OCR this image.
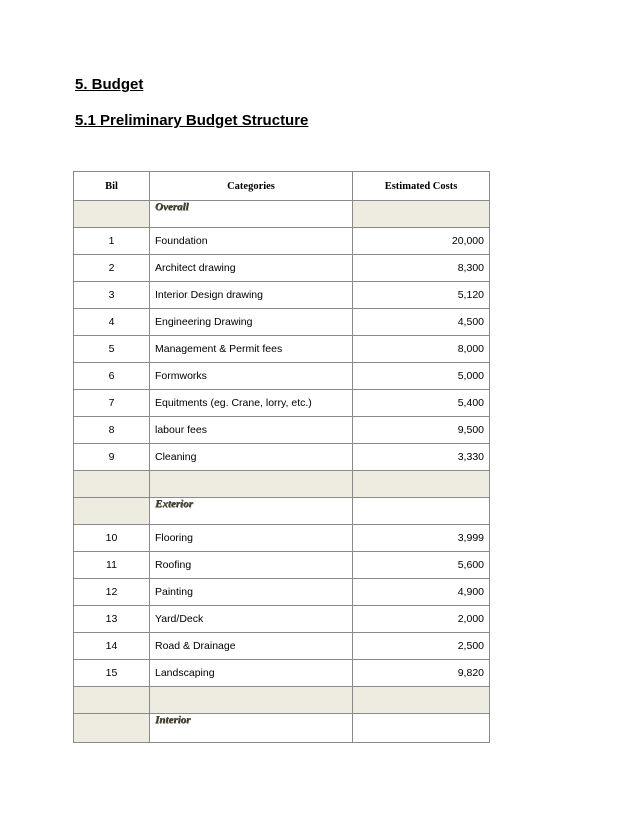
5. Budget

5.1 Preliminary Budget Structure

Bil	Categories	Estimated Costs
	Overall	
1	Foundation	20,000
2	Architect drawing	8,300
3	Interior Design drawing	5,120
4	Engineering Drawing	4,500
5	Management & Permit fees	8,000
6	Formworks	5,000
7	Equitments (eg. Crane, lorry, etc.)	5,400
8	labour fees	9,500
9	Cleaning	3,330

	Exterior	
10	Flooring	3,999
11	Roofing	5,600
12	Painting	4,900
13	Yard/Deck	2,000
14	Road & Drainage	2,500
15	Landscaping	9,820

	Interior	
